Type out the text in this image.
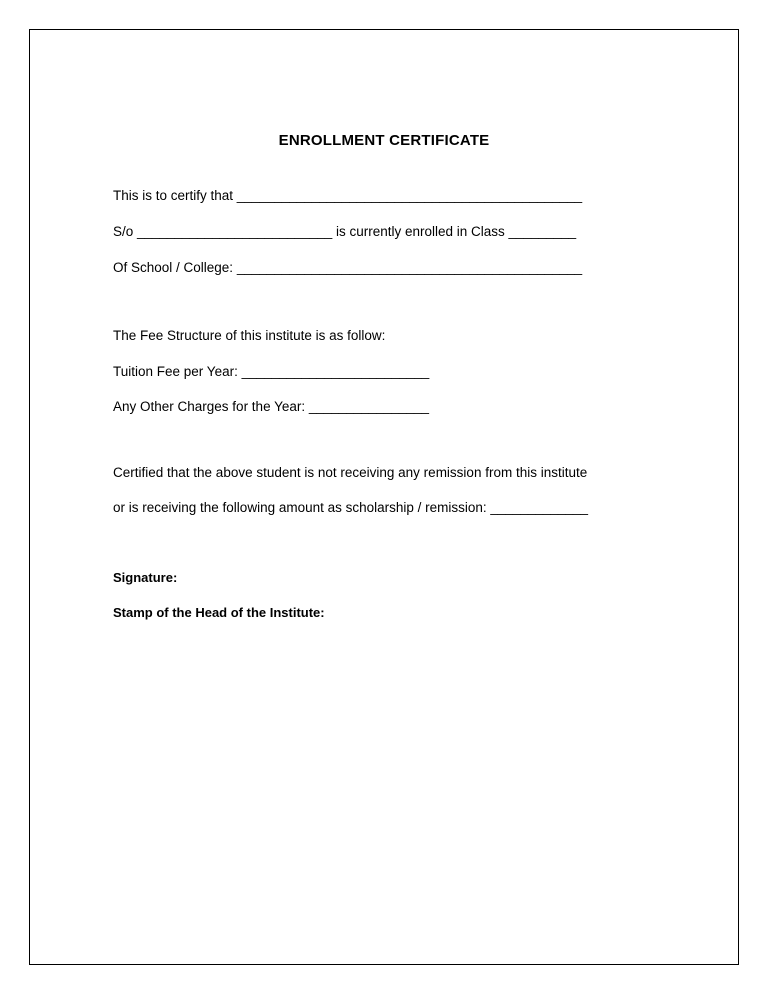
ENROLLMENT CERTIFICATE
This is to certify that ______________________________________________
S/o __________________________ is currently enrolled in Class _________
Of School / College: ______________________________________________
The Fee Structure of this institute is as follow:
Tuition Fee per Year: _________________________
Any Other Charges for the Year: ________________
Certified that the above student is not receiving any remission from this institute
or is receiving the following amount as scholarship / remission: _____________
Signature:
Stamp of the Head of the Institute:
